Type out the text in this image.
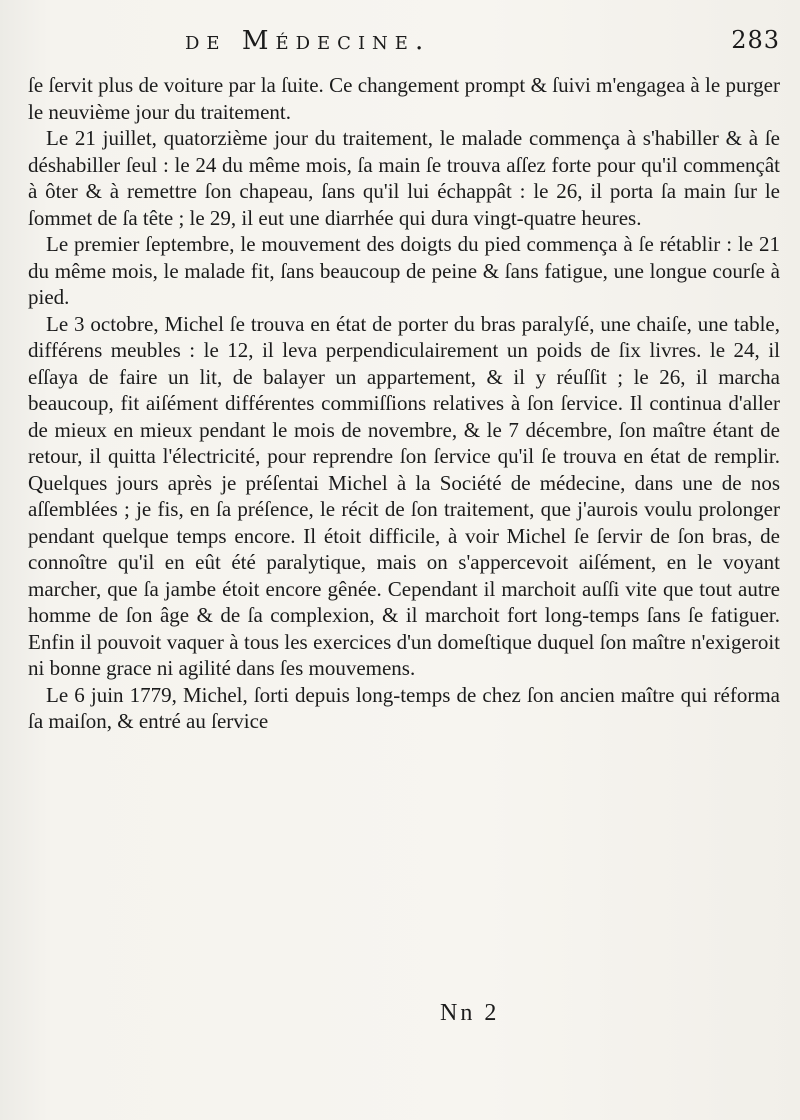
de Médecine.	283

ſe ſervit plus de voiture par la ſuite. Ce changement prompt & ſuivi m'engagea à le purger le neuvième jour du traitement.

Le 21 juillet, quatorzième jour du traitement, le malade commença à s'habiller & à ſe déshabiller ſeul : le 24 du même mois, ſa main ſe trouva aſſez forte pour qu'il commençât à ôter & à remettre ſon chapeau, ſans qu'il lui échappât : le 26, il porta ſa main ſur le ſommet de ſa tête ; le 29, il eut une diarrhée qui dura vingt-quatre heures.

Le premier ſeptembre, le mouvement des doigts du pied commença à ſe rétablir : le 21 du même mois, le malade fit, ſans beaucoup de peine & ſans fatigue, une longue courſe à pied.

Le 3 octobre, Michel ſe trouva en état de porter du bras paralyſé, une chaiſe, une table, différens meubles : le 12, il leva perpendiculairement un poids de ſix livres. le 24, il eſſaya de faire un lit, de balayer un appartement, & il y réuſſit ; le 26, il marcha beaucoup, fit aiſément différentes commiſſions relatives à ſon ſervice. Il continua d'aller de mieux en mieux pendant le mois de novembre, & le 7 décembre, ſon maître étant de retour, il quitta l'électricité, pour reprendre ſon ſervice qu'il ſe trouva en état de remplir. Quelques jours après je préſentai Michel à la Société de médecine, dans une de nos aſſemblées ; je fis, en ſa préſence, le récit de ſon traitement, que j'aurois voulu prolonger pendant quelque temps encore. Il étoit difficile, à voir Michel ſe ſervir de ſon bras, de connoître qu'il en eût été paralytique, mais on s'appercevoit aiſément, en le voyant marcher, que ſa jambe étoit encore gênée. Cependant il marchoit auſſi vite que tout autre homme de ſon âge & de ſa complexion, & il marchoit fort long-temps ſans ſe fatiguer. Enfin il pouvoit vaquer à tous les exercices d'un domeſtique duquel ſon maître n'exigeroit ni bonne grace ni agilité dans ſes mouvemens.

Le 6 juin 1779, Michel, ſorti depuis long-temps de chez ſon ancien maître qui réforma ſa maiſon, & entré au ſervice

Nn 2
